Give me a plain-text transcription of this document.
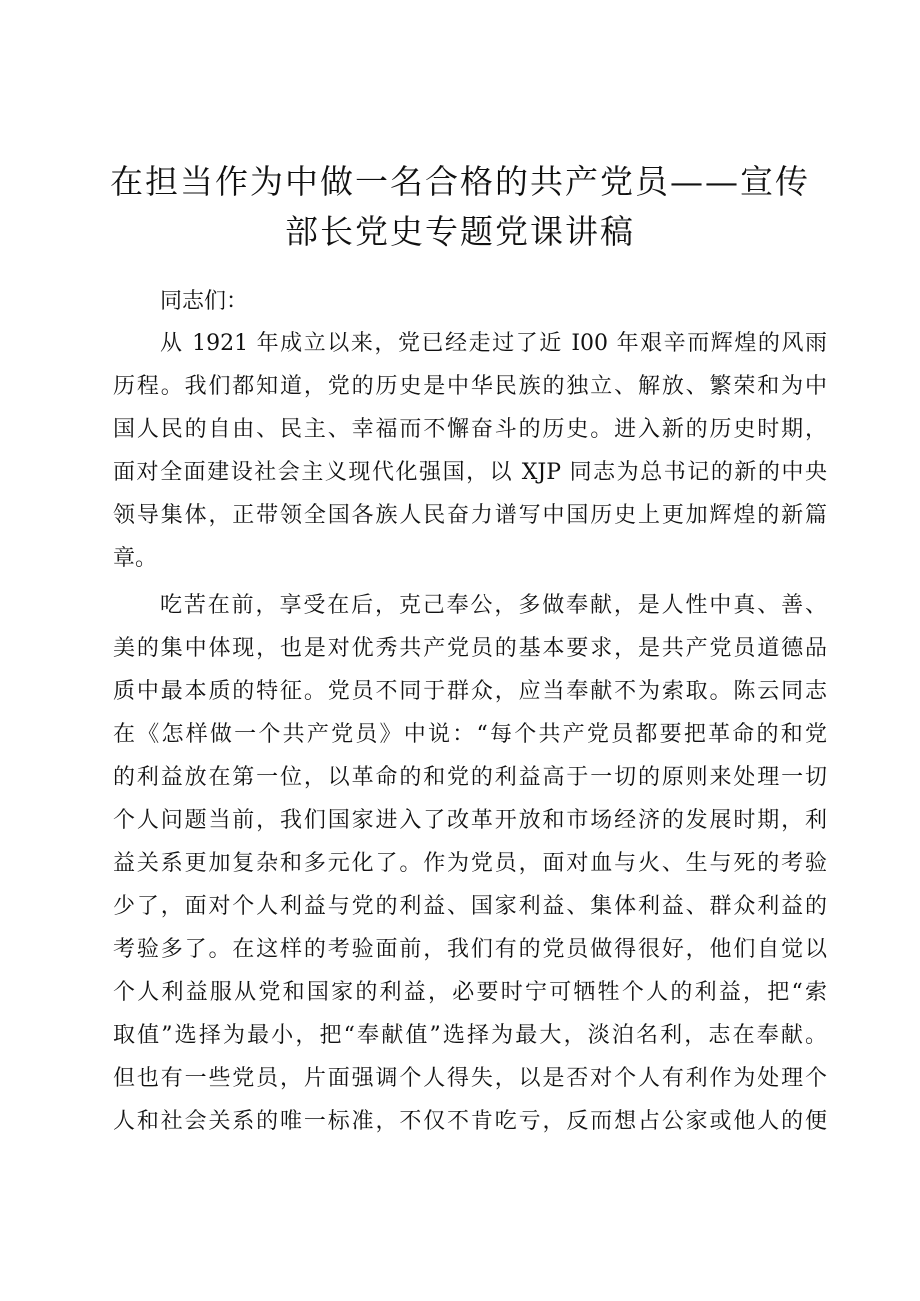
在担当作为中做一名合格的共产党员——宣传
部长党史专题党课讲稿
同志们：
从 1921 年成立以来，党已经走过了近 I00 年艰辛而辉煌的风雨
历程。我们都知道，党的历史是中华民族的独立、解放、繁荣和为中
国人民的自由、民主、幸福而不懈奋斗的历史。进入新的历史时期，
面对全面建设社会主义现代化强国，以 XJP 同志为总书记的新的中央
领导集体，正带领全国各族人民奋力谱写中国历史上更加辉煌的新篇
章。
吃苦在前，享受在后，克己奉公，多做奉献，是人性中真、善、
美的集中体现，也是对优秀共产党员的基本要求，是共产党员道德品
质中最本质的特征。党员不同于群众，应当奉献不为索取。陈云同志
在《怎样做一个共产党员》中说：“每个共产党员都要把革命的和党
的利益放在第一位，以革命的和党的利益高于一切的原则来处理一切
个人问题当前，我们国家进入了改革开放和市场经济的发展时期，利
益关系更加复杂和多元化了。作为党员，面对血与火、生与死的考验
少了，面对个人利益与党的利益、国家利益、集体利益、群众利益的
考验多了。在这样的考验面前，我们有的党员做得很好，他们自觉以
个人利益服从党和国家的利益，必要时宁可牺牲个人的利益，把“索
取值”选择为最小，把“奉献值”选择为最大，淡泊名利，志在奉献。
但也有一些党员，片面强调个人得失，以是否对个人有利作为处理个
人和社会关系的唯一标准，不仅不肯吃亏，反而想占公家或他人的便
